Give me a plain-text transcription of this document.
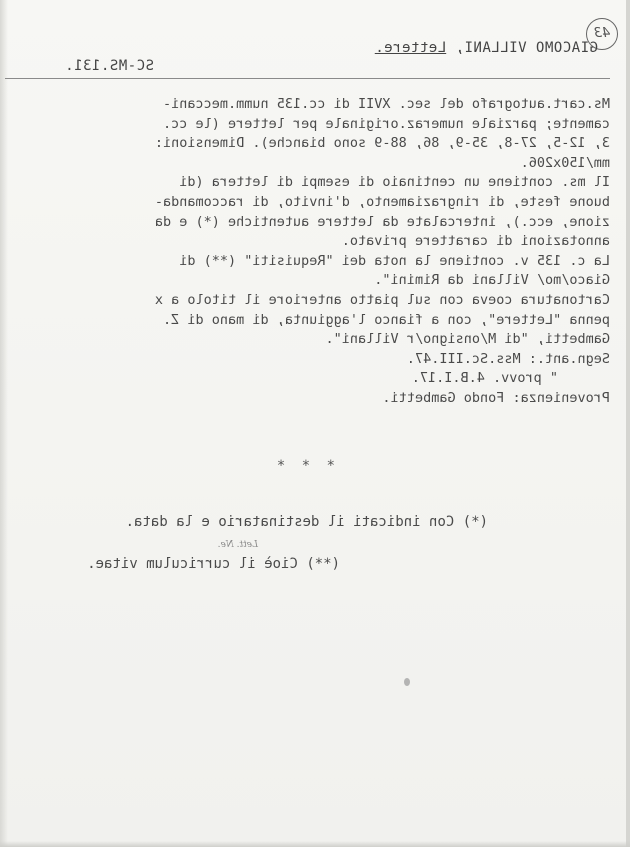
43
GIACOMO VILLANI, Lettere.
SC-MS.131.
Ms.cart.autografo del sec. XVII di cc.135 numm.meccani-
camente; parziale numeraz.originale per lettere (le cc.
3, 12-5, 27-8, 35-9, 86, 88-9 sono bianche). Dimensioni:
mm/150x206.
Il ms. contiene un centinaio di esempi di lettera (di
buone feste, di ringraziamento, d'invito, di raccomanda-
zione, ecc.), intercalate da lettere autentiche (*) e da
annotazioni di carattere privato.
La c. 135 v. contiene la nota dei "Requisiti" (**) di
Giaco/mo/ Villani da Rimini".
Cartonatura coeva con sul piatto anteriore il titolo a x
penna "Lettere", con a fianco l'aggiunta, di mano di Z.
Gambetti, "di M/onsigno/r Villani".
Segn.ant.: Mss.Sc.III.47.
" provv. 4.B.I.17.
Provenienza: Fondo Gambetti.
* * *
(*) Con indicati il destinatario e la data.
Lett. Ne.
(**) Cioè il curriculum vitae.
